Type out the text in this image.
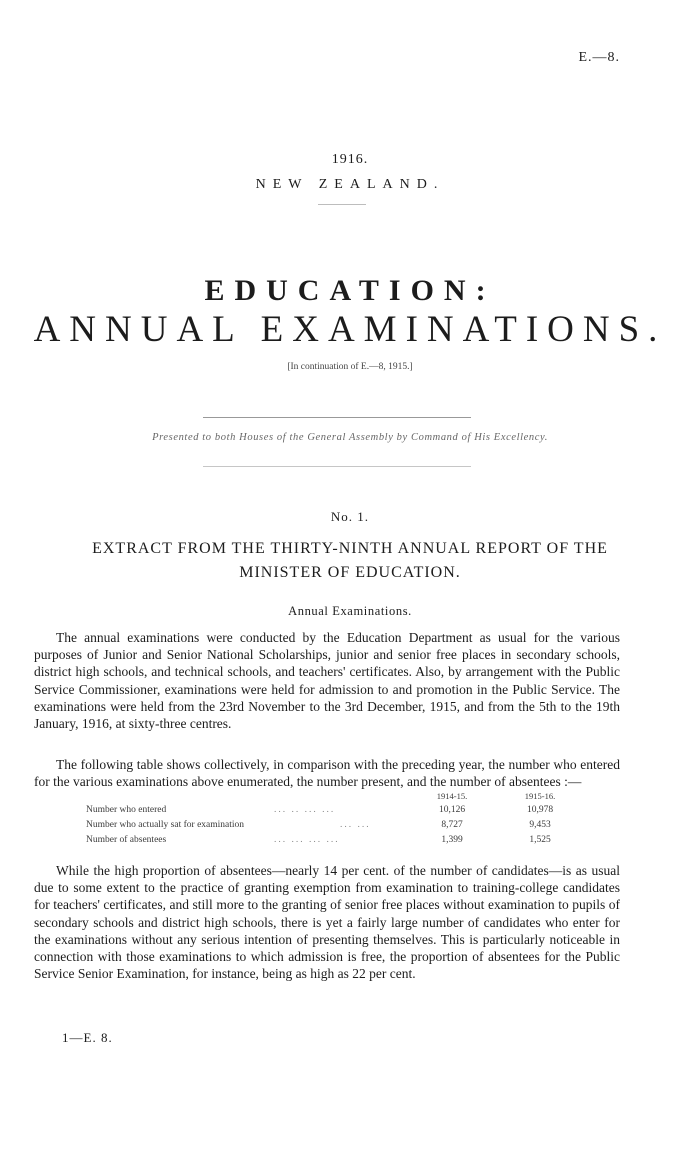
E.—8.
1916.
NEW ZEALAND.
EDUCATION:
ANNUAL EXAMINATIONS.
[In continuation of E.—8, 1915.]
Presented to both Houses of the General Assembly by Command of His Excellency.
No. 1.
EXTRACT FROM THE THIRTY-NINTH ANNUAL REPORT OF THE
MINISTER OF EDUCATION.
Annual Examinations.
The annual examinations were conducted by the Education Department as usual for the various purposes of Junior and Senior National Scholarships, junior and senior free places in secondary schools, district high schools, and technical schools, and teachers' certificates. Also, by arrangement with the Public Service Commissioner, examinations were held for admission to and promotion in the Public Service. The examinations were held from the 23rd November to the 3rd December, 1915, and from the 5th to the 19th January, 1916, at sixty-three centres.
The following table shows collectively, in comparison with the preceding year, the number who entered for the various examinations above enumerated, the number present, and the number of absentees :—
1914-15.	1915-16.
Number who entered	... .. ... ...	10,126	10,978
Number who actually sat for examination	... ...	8,727	9,453
Number of absentees	... ... ... ...	1,399	1,525
While the high proportion of absentees—nearly 14 per cent. of the number of candidates—is as usual due to some extent to the practice of granting exemption from examination to training-college candidates for teachers' certificates, and still more to the granting of senior free places without examination to pupils of secondary schools and district high schools, there is yet a fairly large number of candidates who enter for the examinations without any serious intention of presenting themselves. This is particularly noticeable in connection with those examinations to which admission is free, the proportion of absentees for the Public Service Senior Examination, for instance, being as high as 22 per cent.
1—E. 8.
